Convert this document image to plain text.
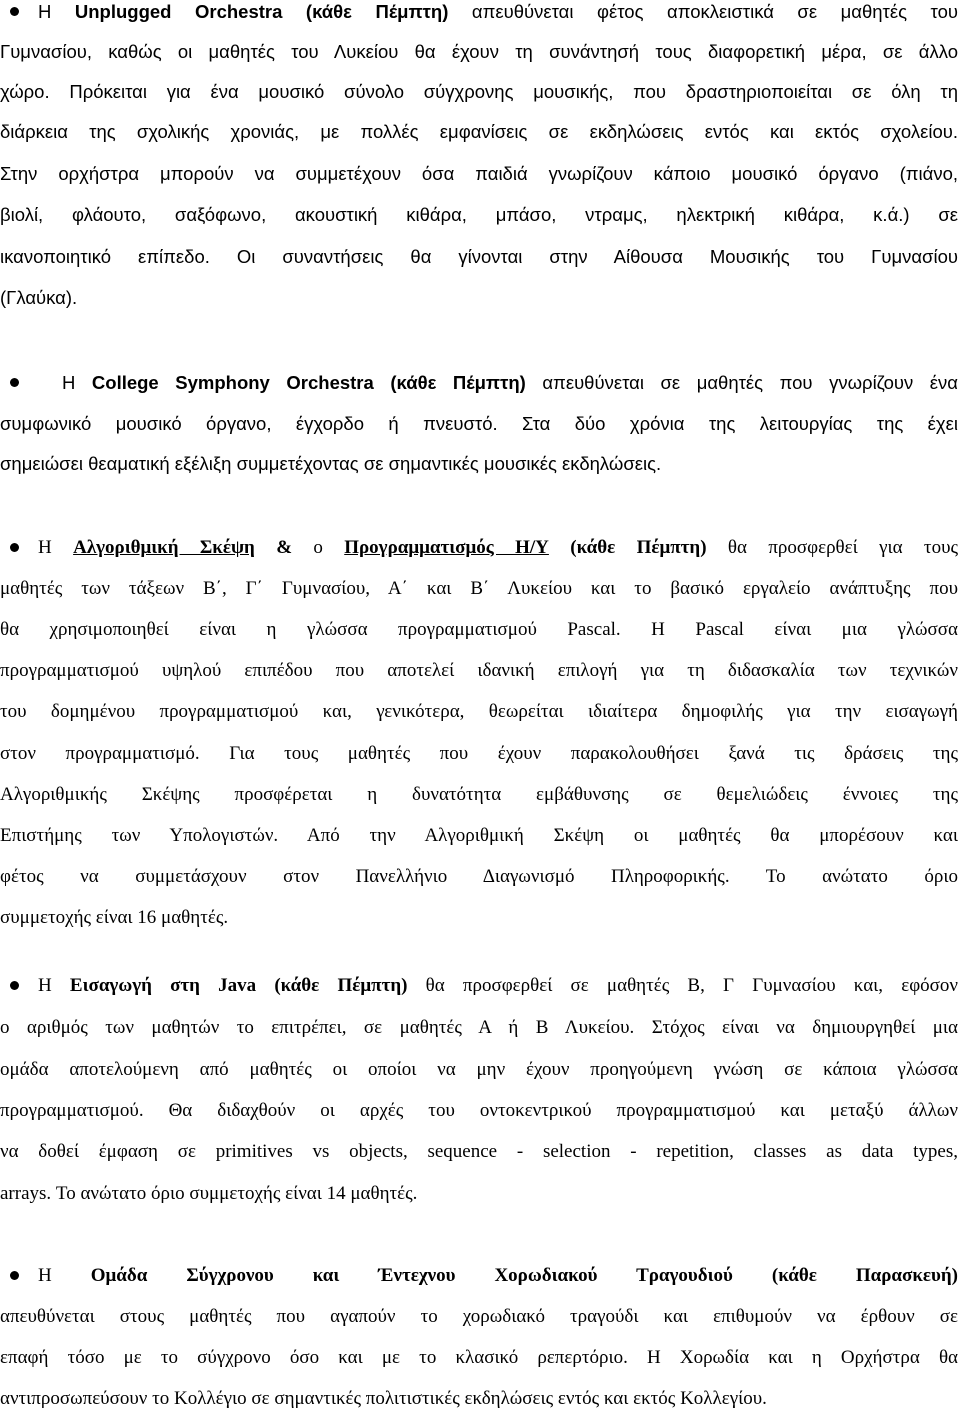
Η Unplugged Orchestra (κάθε Πέμπτη) απευθύνεται φέτος αποκλειστικά σε μαθητές του
Γυμνασίου, καθώς οι μαθητές του Λυκείου θα έχουν τη συνάντησή τους διαφορετική μέρα, σε άλλο
χώρο. Πρόκειται για ένα μουσικό σύνολο σύγχρονης μουσικής, που δραστηριοποιείται σε όλη τη
διάρκεια της σχολικής χρονιάς, με πολλές εμφανίσεις σε εκδηλώσεις εντός και εκτός σχολείου.
Στην ορχήστρα μπορούν να συμμετέχουν όσα παιδιά γνωρίζουν κάποιο μουσικό όργανο (πιάνο,
βιολί, φλάουτο, σαξόφωνο, ακουστική κιθάρα, μπάσο, ντραμς, ηλεκτρική κιθάρα, κ.ά.) σε
ικανοποιητικό επίπεδο. Οι συναντήσεις θα γίνονται στην Αίθουσα Μουσικής του Γυμνασίου
(Γλαύκα).
Η College Symphony Orchestra (κάθε Πέμπτη) απευθύνεται σε μαθητές που γνωρίζουν ένα
συμφωνικό μουσικό όργανο, έγχορδο ή πνευστό. Στα δύο χρόνια της λειτουργίας της έχει
σημειώσει θεαματική εξέλιξη συμμετέχοντας σε σημαντικές μουσικές εκδηλώσεις.
Η Αλγοριθμική Σκέψη & ο Προγραμματισμός Η/Υ (κάθε Πέμπτη) θα προσφερθεί για τους
μαθητές των τάξεων Β΄, Γ΄ Γυμνασίου, Α΄ και Β΄ Λυκείου και το βασικό εργαλείο ανάπτυξης που
θα χρησιμοποιηθεί είναι η γλώσσα προγραμματισμού Pascal. Η Pascal είναι μια γλώσσα
προγραμματισμού υψηλού επιπέδου που αποτελεί ιδανική επιλογή για τη διδασκαλία των τεχνικών
του δομημένου προγραμματισμού και, γενικότερα, θεωρείται ιδιαίτερα δημοφιλής για την εισαγωγή
στον προγραμματισμό. Για τους μαθητές που έχουν παρακολουθήσει ξανά τις δράσεις της
Αλγοριθμικής Σκέψης προσφέρεται η δυνατότητα εμβάθυνσης σε θεμελιώδεις έννοιες της
Επιστήμης των Υπολογιστών. Από την Αλγοριθμική Σκέψη οι μαθητές θα μπορέσουν και
φέτος να συμμετάσχουν στον Πανελλήνιο Διαγωνισμό Πληροφορικής. Το ανώτατο όριο
συμμετοχής είναι 16 μαθητές.
Η Εισαγωγή στη Java (κάθε Πέμπτη) θα προσφερθεί σε μαθητές Β, Γ Γυμνασίου και, εφόσον
ο αριθμός των μαθητών το επιτρέπει, σε μαθητές Α ή Β Λυκείου. Στόχος είναι να δημιουργηθεί μια
ομάδα αποτελούμενη από μαθητές οι οποίοι να μην έχουν προηγούμενη γνώση σε κάποια γλώσσα
προγραμματισμού. Θα διδαχθούν οι αρχές του οντοκεντρικού προγραμματισμού και μεταξύ άλλων
να δοθεί έμφαση σε primitives vs objects, sequence - selection - repetition, classes as data types,
arrays. Το ανώτατο όριο συμμετοχής είναι 14 μαθητές.
Η Ομάδα Σύγχρονου και Έντεχνου Χορωδιακού Τραγουδιού (κάθε Παρασκευή)
απευθύνεται στους μαθητές που αγαπούν το χορωδιακό τραγούδι και επιθυμούν να έρθουν σε
επαφή τόσο με το σύγχρονο όσο και με το κλασικό ρεπερτόριο. Η Χορωδία και η Ορχήστρα θα
αντιπροσωπεύσουν το Κολλέγιο σε σημαντικές πολιτιστικές εκδηλώσεις εντός και εκτός Κολλεγίου.
